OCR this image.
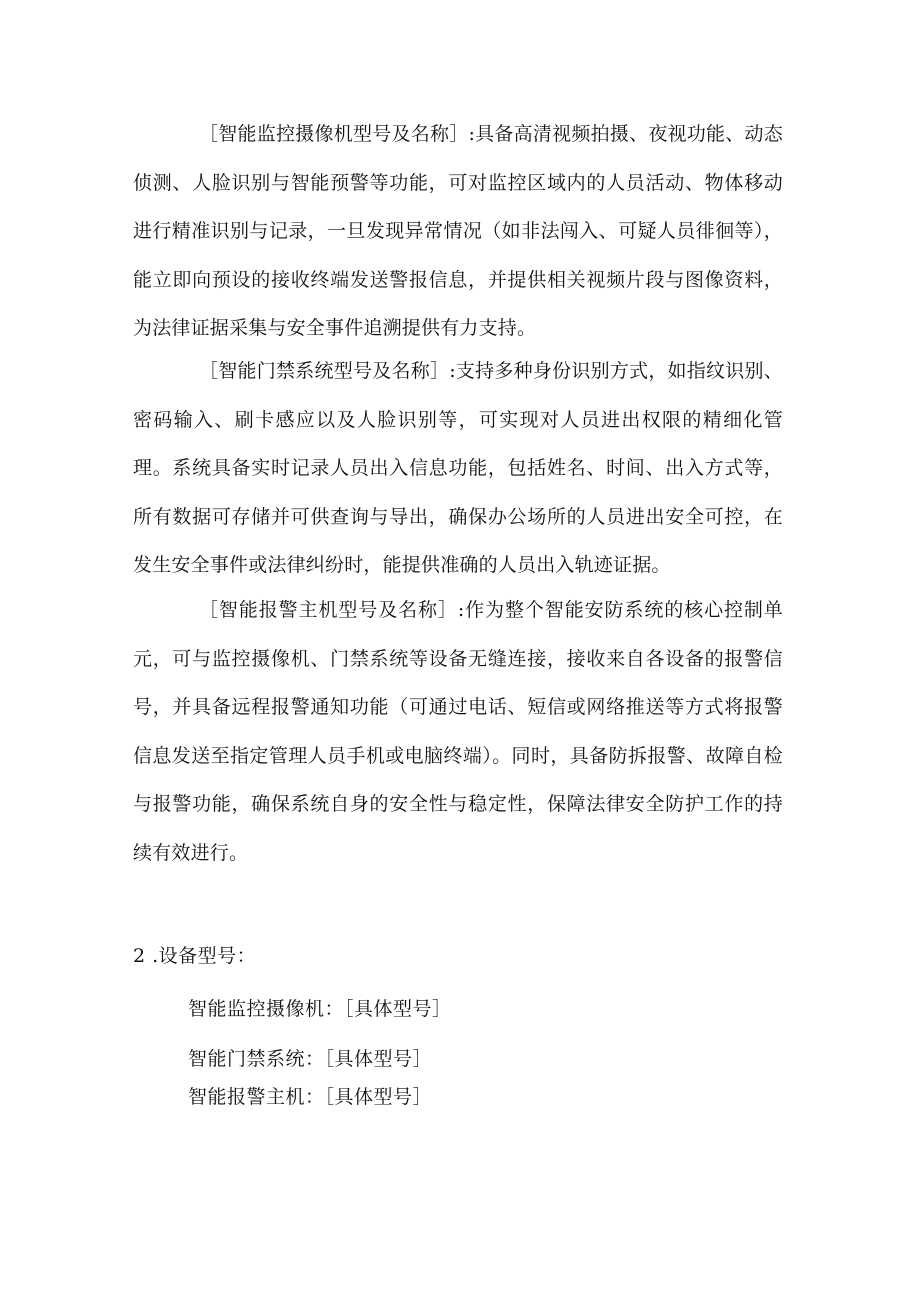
［智能监控摄像机型号及名称］:具备高清视频拍摄、夜视功能、动态侦测、人脸识别与智能预警等功能，可对监控区域内的人员活动、物体移动进行精准识别与记录，一旦发现异常情况（如非法闯入、可疑人员徘徊等），能立即向预设的接收终端发送警报信息，并提供相关视频片段与图像资料，为法律证据采集与安全事件追溯提供有力支持。

［智能门禁系统型号及名称］:支持多种身份识别方式，如指纹识别、密码输入、刷卡感应以及人脸识别等，可实现对人员进出权限的精细化管理。系统具备实时记录人员出入信息功能，包括姓名、时间、出入方式等，所有数据可存储并可供查询与导出，确保办公场所的人员进出安全可控，在发生安全事件或法律纠纷时，能提供准确的人员出入轨迹证据。

［智能报警主机型号及名称］:作为整个智能安防系统的核心控制单元，可与监控摄像机、门禁系统等设备无缝连接，接收来自各设备的报警信号，并具备远程报警通知功能（可通过电话、短信或网络推送等方式将报警信息发送至指定管理人员手机或电脑终端）。同时，具备防拆报警、故障自检与报警功能，确保系统自身的安全性与稳定性，保障法律安全防护工作的持续有效进行。

2 .设备型号：

智能监控摄像机：［具体型号］

智能门禁系统：［具体型号］

智能报警主机：［具体型号］
